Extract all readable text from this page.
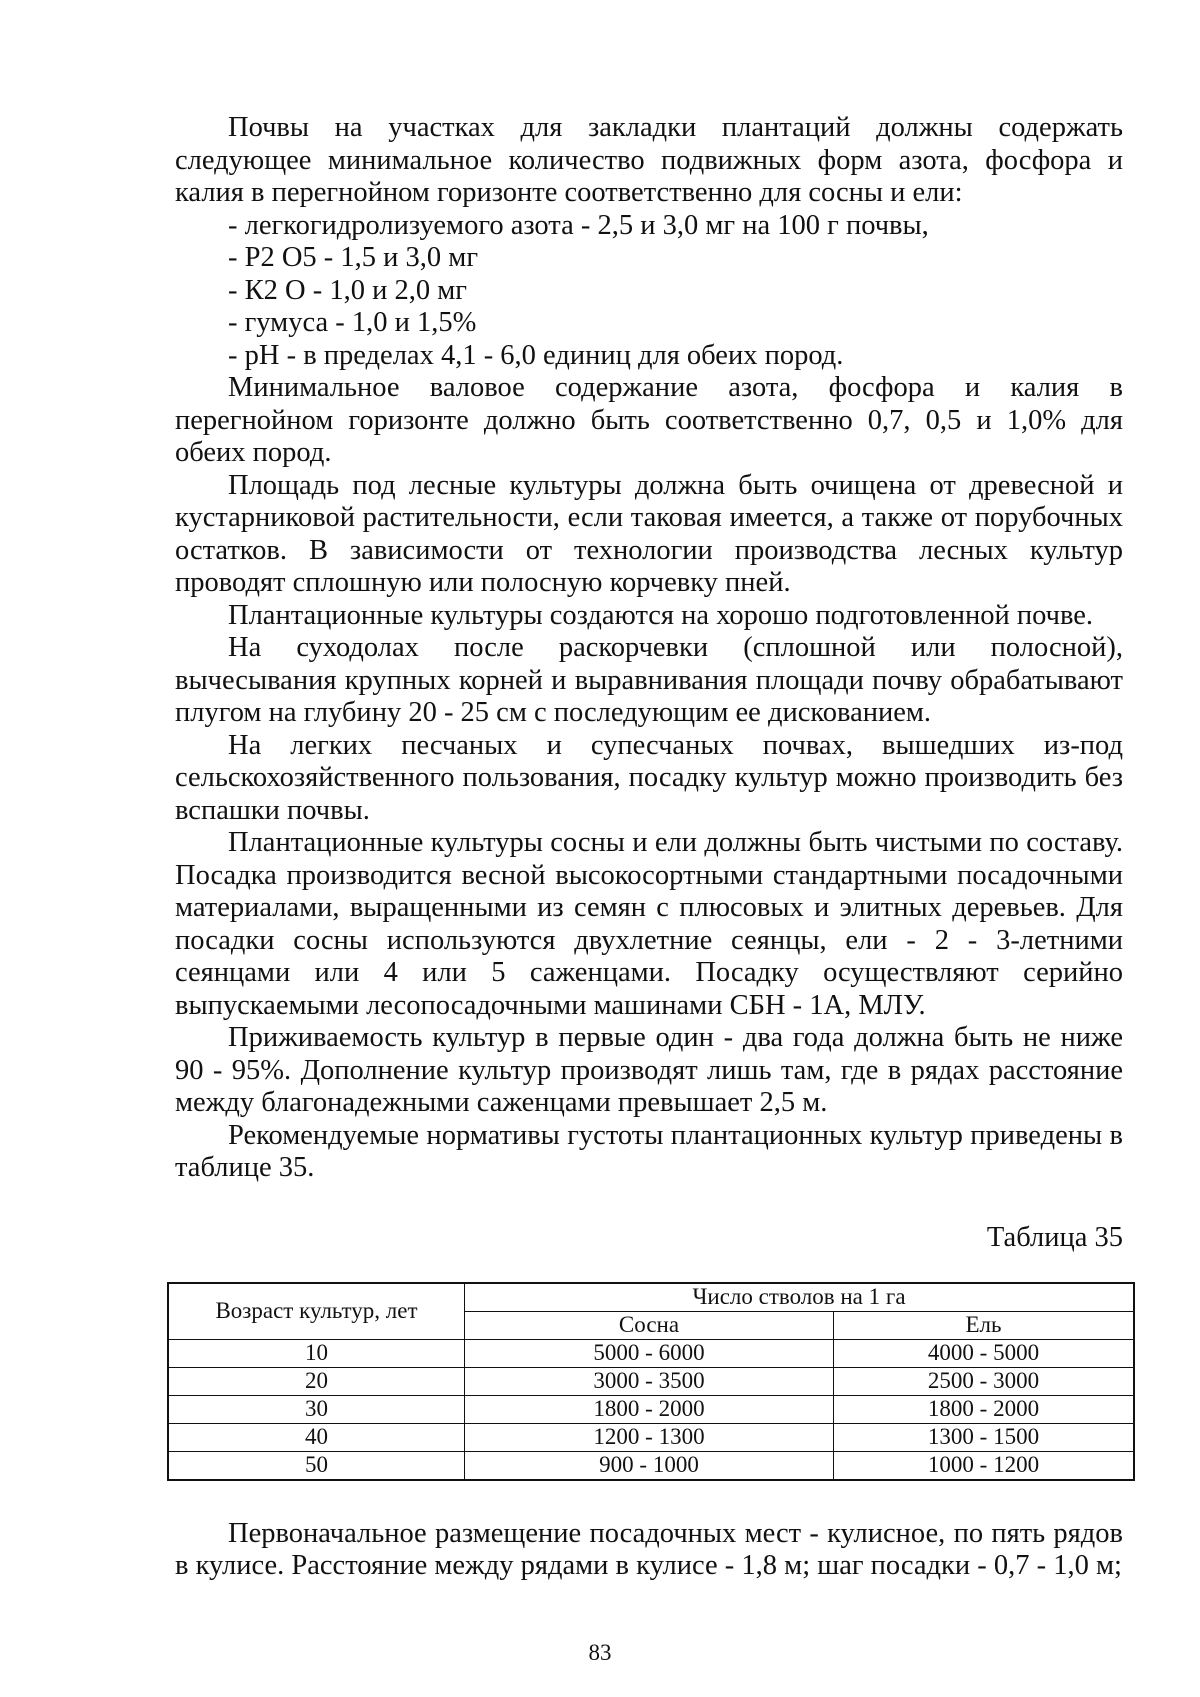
Почвы на участках для закладки плантаций должны содержать следующее минимальное количество подвижных форм азота, фосфора и калия в перегнойном горизонте соответственно для сосны и ели:

- легкогидролизуемого азота - 2,5 и 3,0 мг на 100 г почвы,

- Р2 О5 - 1,5 и 3,0 мг

- К2 О - 1,0 и 2,0 мг

- гумуса - 1,0 и 1,5%

- рН - в пределах 4,1 - 6,0 единиц для обеих пород.

Минимальное валовое содержание азота, фосфора и калия в перегнойном горизонте должно быть соответственно 0,7, 0,5 и 1,0% для обеих пород.

Площадь под лесные культуры должна быть очищена от древесной и кустарниковой растительности, если таковая имеется, а также от порубочных остатков. В зависимости от технологии производства лесных культур проводят сплошную или полосную корчевку пней.

Плантационные культуры создаются на хорошо подготовленной почве.

На суходолах после раскорчевки (сплошной или полосной), вычесывания крупных корней и выравнивания площади почву обрабатывают плугом на глубину 20 - 25 см с последующим ее дискованием.

На легких песчаных и супесчаных почвах, вышедших из-под сельскохозяйственного пользования, посадку культур можно производить без вспашки почвы.

Плантационные культуры сосны и ели должны быть чистыми по составу. Посадка производится весной высокосортными стандартными посадочными материалами, выращенными из семян с плюсовых и элитных деревьев. Для посадки сосны используются двухлетние сеянцы, ели - 2 - 3-летними сеянцами или 4 или 5 саженцами. Посадку осуществляют серийно выпускаемыми лесопосадочными машинами СБН - 1А, МЛУ.

Приживаемость культур в первые один - два года должна быть не ниже 90 - 95%. Дополнение культур производят лишь там, где в рядах расстояние между благонадежными саженцами превышает 2,5 м.

Рекомендуемые нормативы густоты плантационных культур приведены в таблице 35.

Таблица 35

Возраст культур, лет	Число стволов на 1 га	
	Сосна	Ель
10	5000 - 6000	4000 - 5000
20	3000 - 3500	2500 - 3000
30	1800 - 2000	1800 - 2000
40	1200 - 1300	1300 - 1500
50	900 - 1000	1000 - 1200

Первоначальное размещение посадочных мест - кулисное, по пять рядов в кулисе. Расстояние между рядами в кулисе - 1,8 м; шаг посадки - 0,7 - 1,0 м;

83
